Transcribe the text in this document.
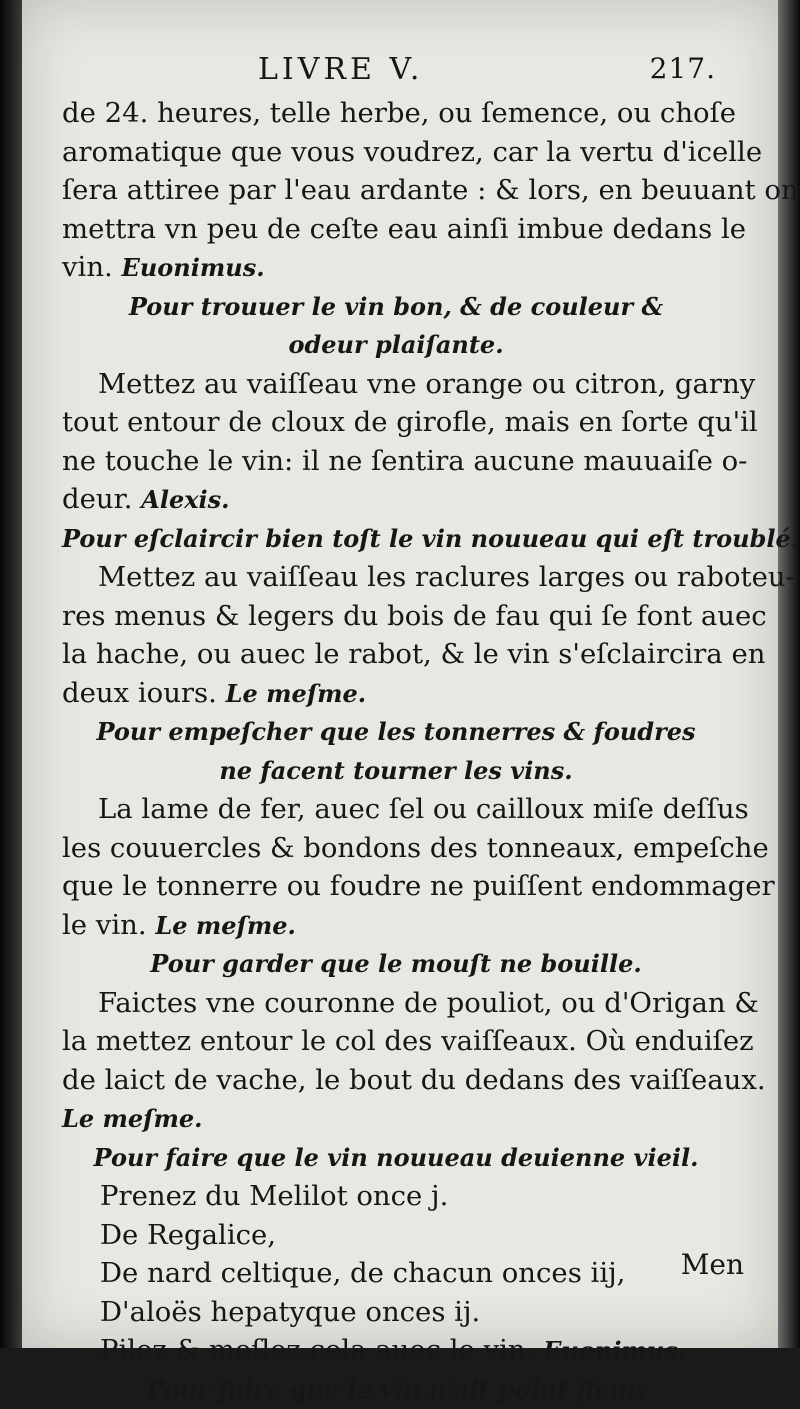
LIVRE V.	217.
de 24. heures, telle herbe, ou ſemence, ou choſe
aromatique que vous voudrez, car la vertu d'icelle
ſera attiree par l'eau ardante : & lors, en beuuant on
mettra vn peu de ceſte eau ainſi imbue dedans le
vin. Euonimus.
Pour trouuer le vin bon, & de couleur &
odeur plaiſante.
Mettez au vaiſſeau vne orange ou citron, garny
tout entour de cloux de girofle, mais en ſorte qu'il
ne touche le vin: il ne ſentira aucune mauuaiſe o-
deur. Alexis.
Pour eſclaircir bien toſt le vin nouueau qui eſt troublé.
Mettez au vaiſſeau les raclures larges ou raboteu-
res menus & legers du bois de fau qui ſe font auec
la hache, ou auec le rabot, & le vin s'eſclaircira en
deux iours. Le meſme.
Pour empeſcher que les tonnerres & foudres
ne facent tourner les vins.
La lame de fer, auec ſel ou cailloux miſe deſſus
les couuercles & bondons des tonneaux, empeſche
que le tonnerre ou foudre ne puiſſent endommager
le vin. Le meſme.
Pour garder que le mouſt ne bouille.
Faictes vne couronne de pouliot, ou d'Origan &
la mettez entour le col des vaiſſeaux. Où enduiſez
de laict de vache, le bout du dedans des vaiſſeaux.
Le meſme.
Pour faire que le vin nouueau deuienne vieil.
Prenez du Melilot once j.
De Regalice,
De nard celtique, de chacun onces iij,
D'aloës hepatyque onces ij.
Pilez & meſlez cela auec le vin. Euonimus.
Pour faire que le vin n'ait point fleur.
Men
